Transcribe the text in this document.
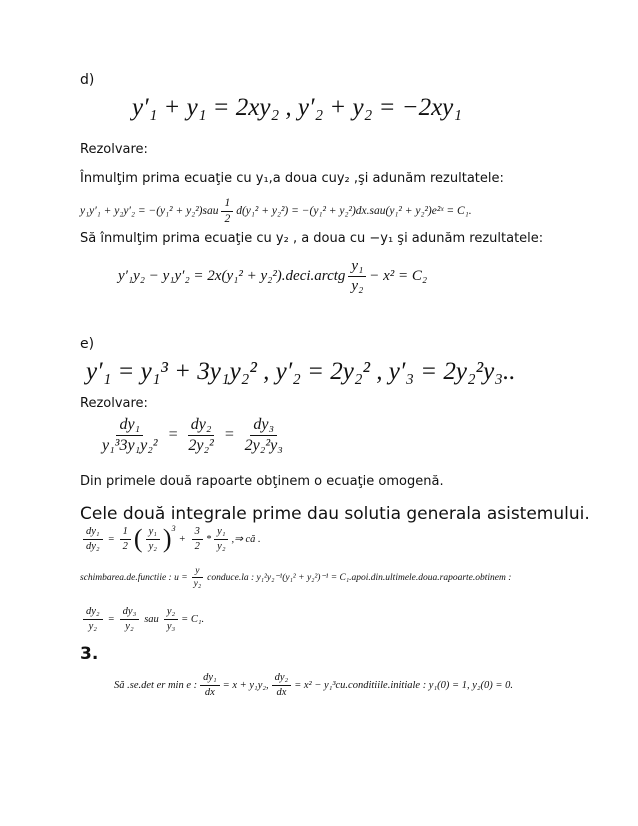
d)
y′₁ + y₁ = 2xy₂ , y′₂ + y₂ = −2xy₁
Rezolvare:
Înmulţim prima ecuaţie cu y₁,a doua cuy₂ ,şi adunăm rezultatele:
$y_1y'_1 + y_2y'_2 = -(y_1^2 + y_2^2)sau \frac{1}{2} d(y_1^2 + y_2^2) = -(y_1^2 + y_2^2)dx.sau(y_1^2$ + y₂²)e²ˣ = C₁.
Să înmulţim prima ecuaţie cu y₂ , a doua cu −y₁ şi adunăm rezultatele:
y′₁y₂ − y₁y′₂ = 2x(y₁² + y₂²).deci.arctg $\frac{\text{y₁}}{\text{y₂}} - x^2 = C_2$
e)
y′₁ = y₁³ + 3y₁y₂² , y′₂ = 2y₂² , y′₃ = 2y₂²y₃..
Rezolvare:
$\frac{\text{dy₁}}{\text{y₁³3y₁y₂²}} = \frac{\text{dy₂}}{\text{2y₂²}} = \frac{\text{dy₃}}{\text{2y₂²y₃}}$
Din primele două rapoarte obţinem o ecuaţie omogenă.
Cele două integrale prime dau solutia generala asistemului.
$\frac{\text{dy₁}}{\text{dy₂}} = \frac{1}{2}$ ( $\frac{\text{y₁}}{\text{y₂}}$ ) 3
+ $\frac{3}{2} * \frac{\text{y₁}}{\text{y₂}}$ ,⇒ că .
schimbarea.de.functiie : $u = \frac{y}{\text{y₂}}$ conduce.la : y₁²y₂⁻¹(y₁² + y₂²)⁻¹ = C₁.apoi.din.ultimele.doua.rapoarte.obtinem :
$\frac{\text{dy₂}}{\text{y₂}} = \frac{\text{dy₃}}{\text{y₂}}$ sau $\frac{\text{y₂}}{\text{y₃}} = C_1$.
3.
Să .se.det er min e : $\frac{\text{dy₁}}{dx} = x + y_1y_2$, $\frac{\text{dy₂}}{dx} = x^2$ − y₁³cu.conditiile.initiale : y₁(0) = 1, y₂(0) = 0.
